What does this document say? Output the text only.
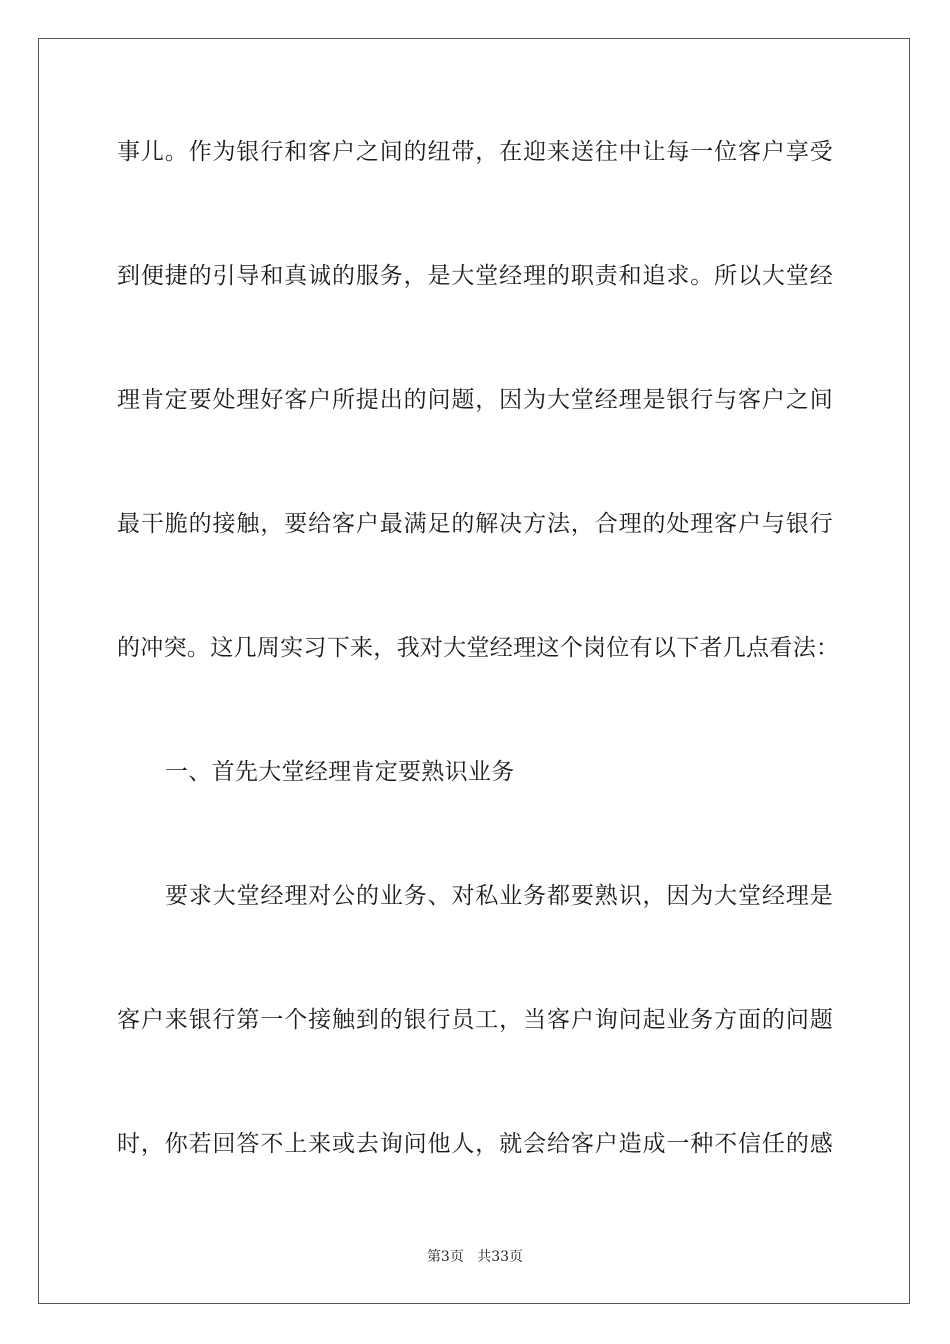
事儿。作为银行和客户之间的纽带，在迎来送往中让每一位客户享受
到便捷的引导和真诚的服务，是大堂经理的职责和追求。所以大堂经
理肯定要处理好客户所提出的问题，因为大堂经理是银行与客户之间
最干脆的接触，要给客户最满足的解决方法，合理的处理客户与银行
的冲突。这几周实习下来，我对大堂经理这个岗位有以下者几点看法：
一、首先大堂经理肯定要熟识业务
要求大堂经理对公的业务、对私业务都要熟识，因为大堂经理是
客户来银行第一个接触到的银行员工，当客户询问起业务方面的问题
时，你若回答不上来或去询问他人，就会给客户造成一种不信任的感
第3页 共33页
